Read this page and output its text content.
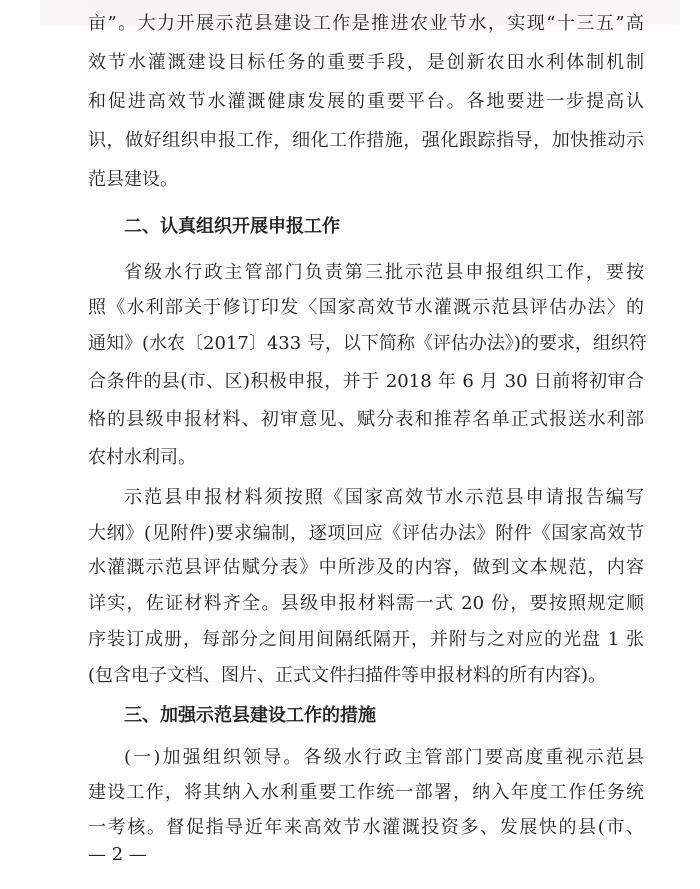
亩”。大力开展示范县建设工作是推进农业节水，实现“十三五”高
效节水灌溉建设目标任务的重要手段，是创新农田水利体制机制
和促进高效节水灌溉健康发展的重要平台。各地要进一步提高认
识，做好组织申报工作，细化工作措施，强化跟踪指导，加快推动示
范县建设。
二、认真组织开展申报工作
省级水行政主管部门负责第三批示范县申报组织工作，要按
照《水利部关于修订印发〈国家高效节水灌溉示范县评估办法〉的
通知》(水农〔2017〕433 号，以下简称《评估办法》)的要求，组织符
合条件的县(市、区)积极申报，并于 2018 年 6 月 30 日前将初审合
格的县级申报材料、初审意见、赋分表和推荐名单正式报送水利部
农村水利司。
示范县申报材料须按照《国家高效节水示范县申请报告编写
大纲》(见附件)要求编制，逐项回应《评估办法》附件《国家高效节
水灌溉示范县评估赋分表》中所涉及的内容，做到文本规范，内容
详实，佐证材料齐全。县级申报材料需一式 20 份，要按照规定顺
序装订成册，每部分之间用间隔纸隔开，并附与之对应的光盘 1 张
(包含电子文档、图片、正式文件扫描件等申报材料的所有内容)。
三、加强示范县建设工作的措施
(一)加强组织领导。各级水行政主管部门要高度重视示范县
建设工作，将其纳入水利重要工作统一部署，纳入年度工作任务统
一考核。督促指导近年来高效节水灌溉投资多、发展快的县(市、
— 2 —
